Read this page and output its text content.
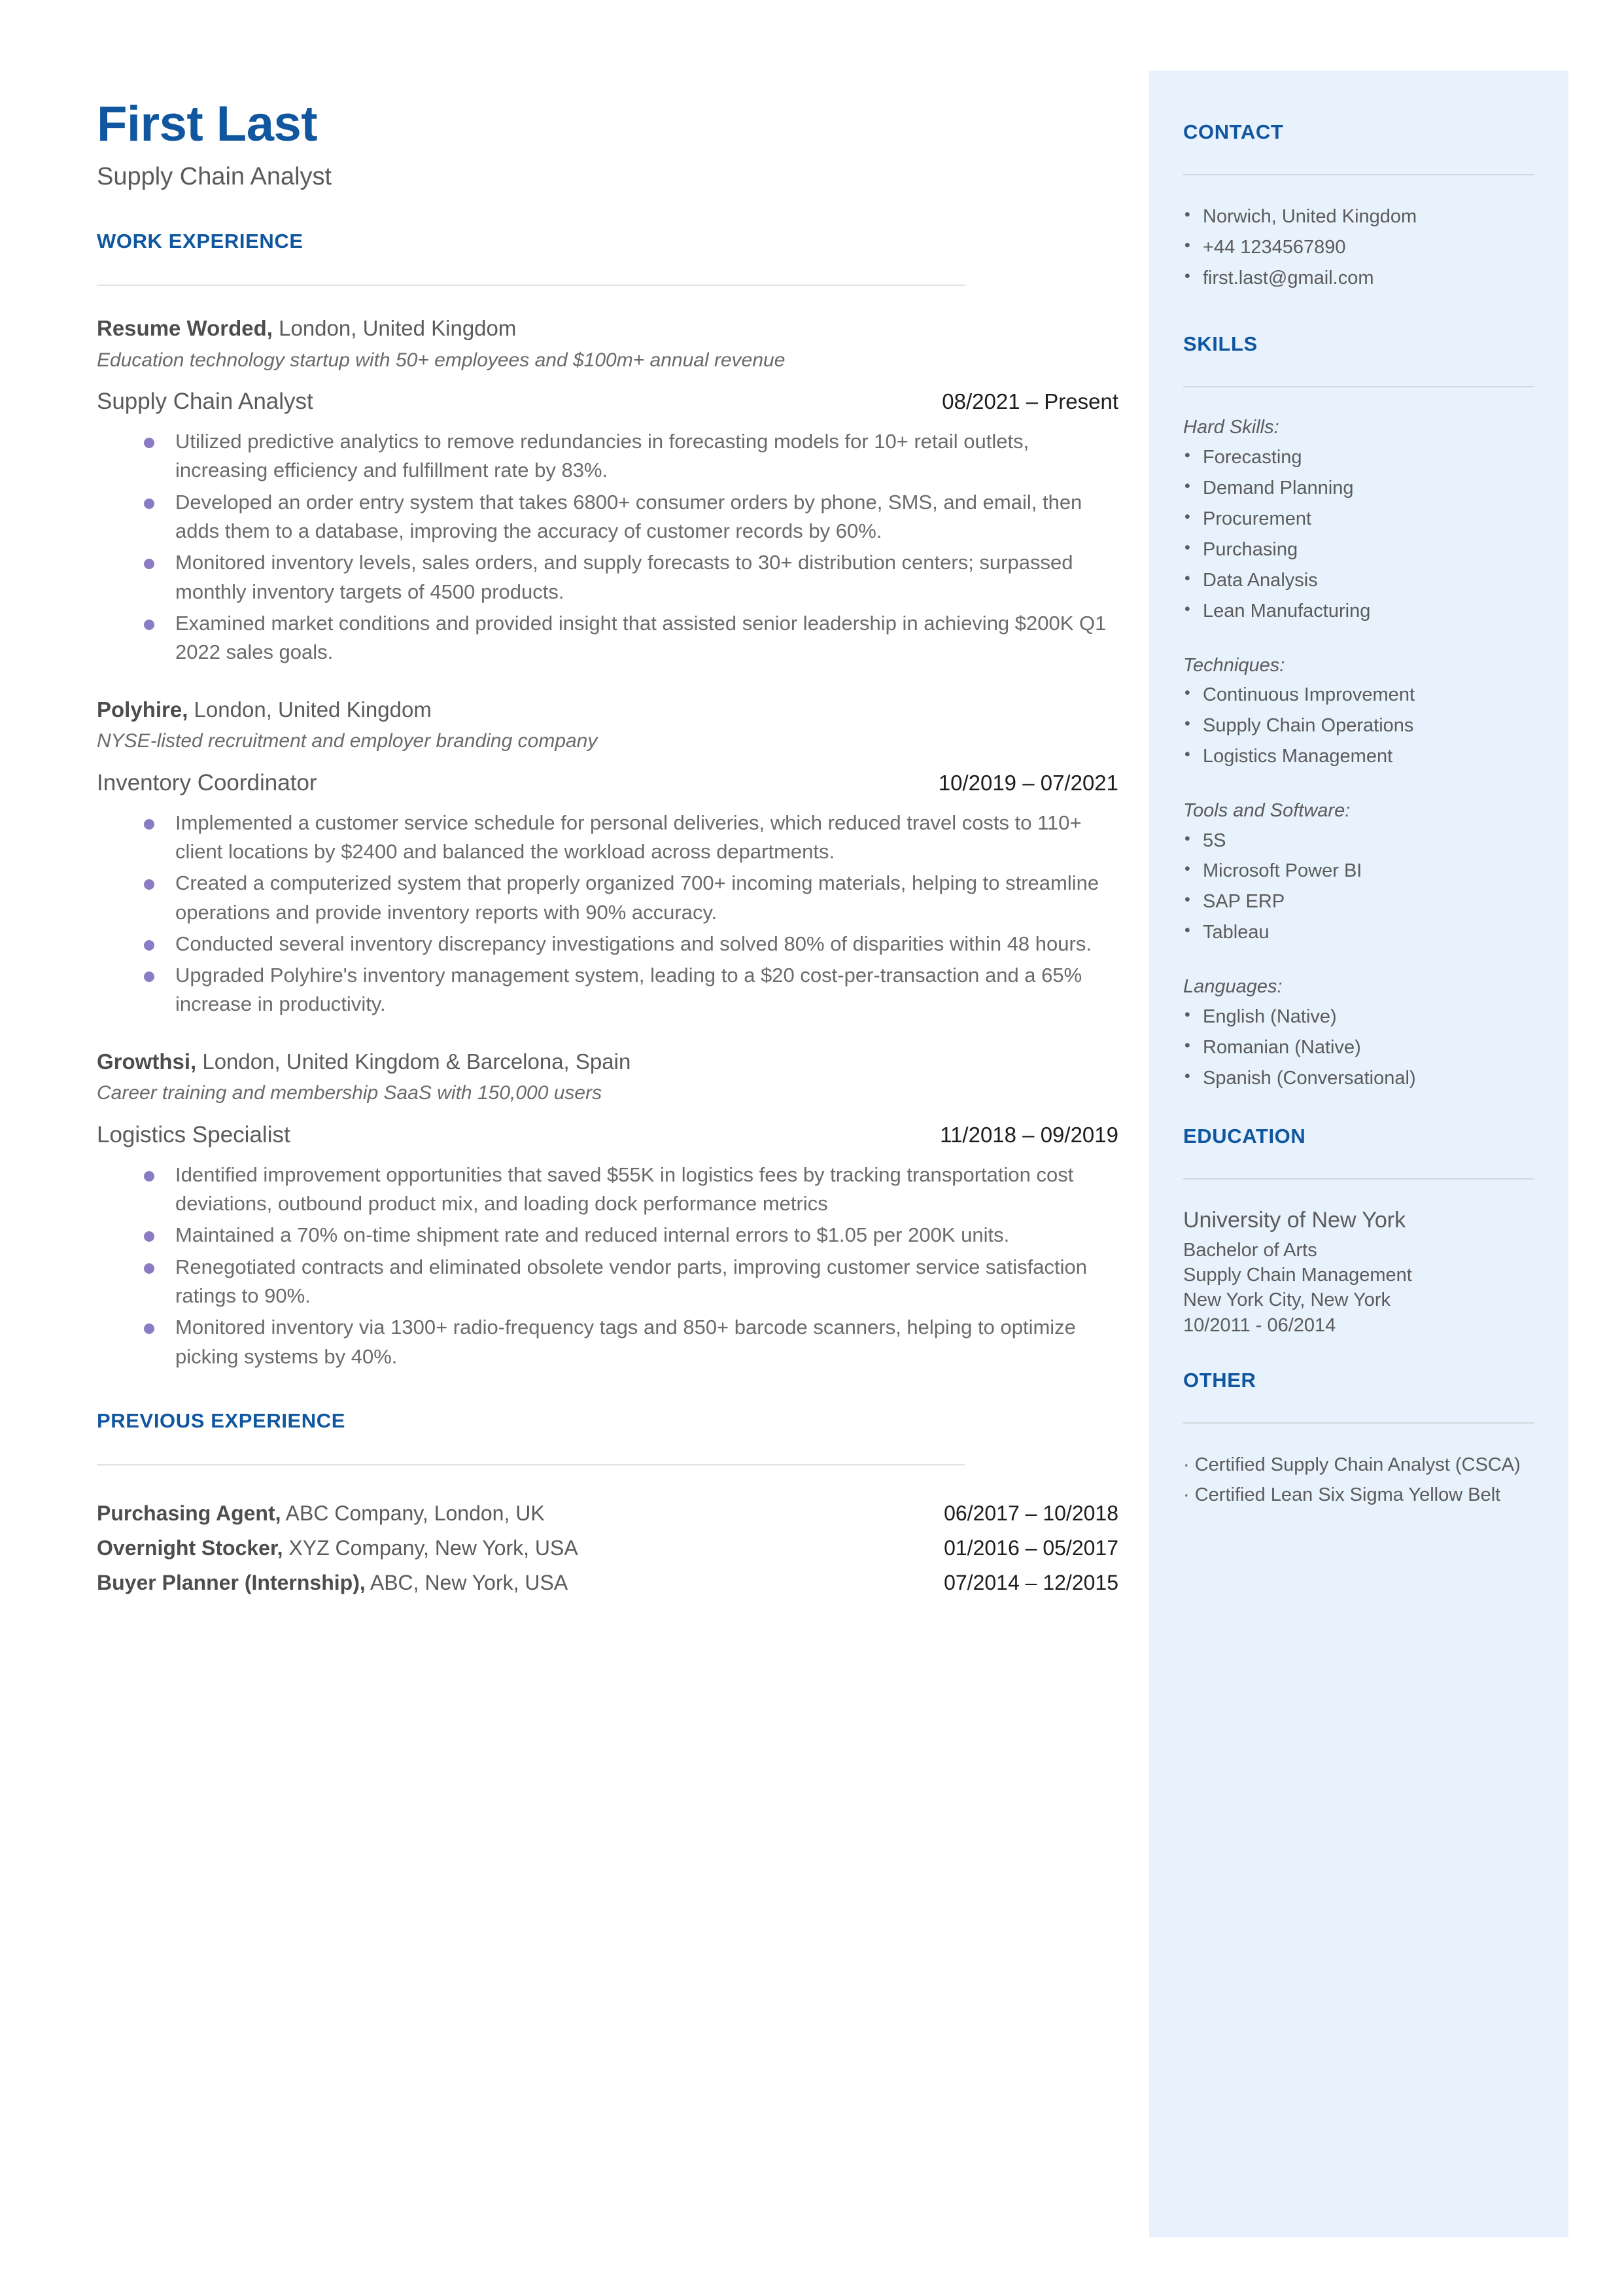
CONTACT
• Norwich, United Kingdom
• +44 1234567890
• first.last@gmail.com
SKILLS

Hard Skills:

• Forecasting
• Demand Planning
• Procurement
• Purchasing
• Data Analysis
• Lean Manufacturing

Techniques:

• Continuous Improvement
• Supply Chain Operations
• Logistics Management

Tools and Software:

• 5S
• Microsoft Power BI
• SAP ERP
• Tableau

Languages:

• English (Native)
• Romanian (Native)
• Spanish (Conversational)
EDUCATION

University of New York

Bachelor of Arts

Supply Chain Management

New York City, New York

10/2011 - 06/2014

OTHER
· Certified Supply Chain Analyst (CSCA)
· Certified Lean Six Sigma Yellow Belt
First Last

Supply Chain Analyst

WORK EXPERIENCE

Resume Worded, London, United Kingdom

Education technology startup with 50+ employees and $100m+ annual revenue

Supply Chain Analyst	08/2021 – Present
Utilized predictive analytics to remove redundancies in forecasting models for 10+ retail outlets, increasing efficiency and fulfillment rate by 83%.
Developed an order entry system that takes 6800+ consumer orders by phone, SMS, and email, then adds them to a database, improving the accuracy of customer records by 60%.
Monitored inventory levels, sales orders, and supply forecasts to 30+ distribution centers; surpassed monthly inventory targets of 4500 products.
Examined market conditions and provided insight that assisted senior leadership in achieving $200K Q1 2022 sales goals.

Polyhire, London, United Kingdom

NYSE-listed recruitment and employer branding company

Inventory Coordinator	10/2019 – 07/2021
Implemented a customer service schedule for personal deliveries, which reduced travel costs to 110+ client locations by $2400 and balanced the workload across departments.
Created a computerized system that properly organized 700+ incoming materials, helping to streamline operations and provide inventory reports with 90% accuracy.
Conducted several inventory discrepancy investigations and solved 80% of disparities within 48 hours.
Upgraded Polyhire's inventory management system, leading to a $20 cost-per-transaction and a 65% increase in productivity.

Growthsi, London, United Kingdom & Barcelona, Spain

Career training and membership SaaS with 150,000 users

Logistics Specialist	11/2018 – 09/2019
Identified improvement opportunities that saved $55K in logistics fees by tracking transportation cost deviations, outbound product mix, and loading dock performance metrics
Maintained a 70% on-time shipment rate and reduced internal errors to $1.05 per 200K units.
Renegotiated contracts and eliminated obsolete vendor parts, improving customer service satisfaction ratings to 90%.
Monitored inventory via 1300+ radio-frequency tags and 850+ barcode scanners, helping to optimize picking systems by 40%.
PREVIOUS EXPERIENCE
Purchasing Agent, ABC Company, London, UK	06/2017 – 10/2018
Overnight Stocker, XYZ Company, New York, USA	01/2016 – 05/2017
Buyer Planner (Internship), ABC, New York, USA	07/2014 – 12/2015
